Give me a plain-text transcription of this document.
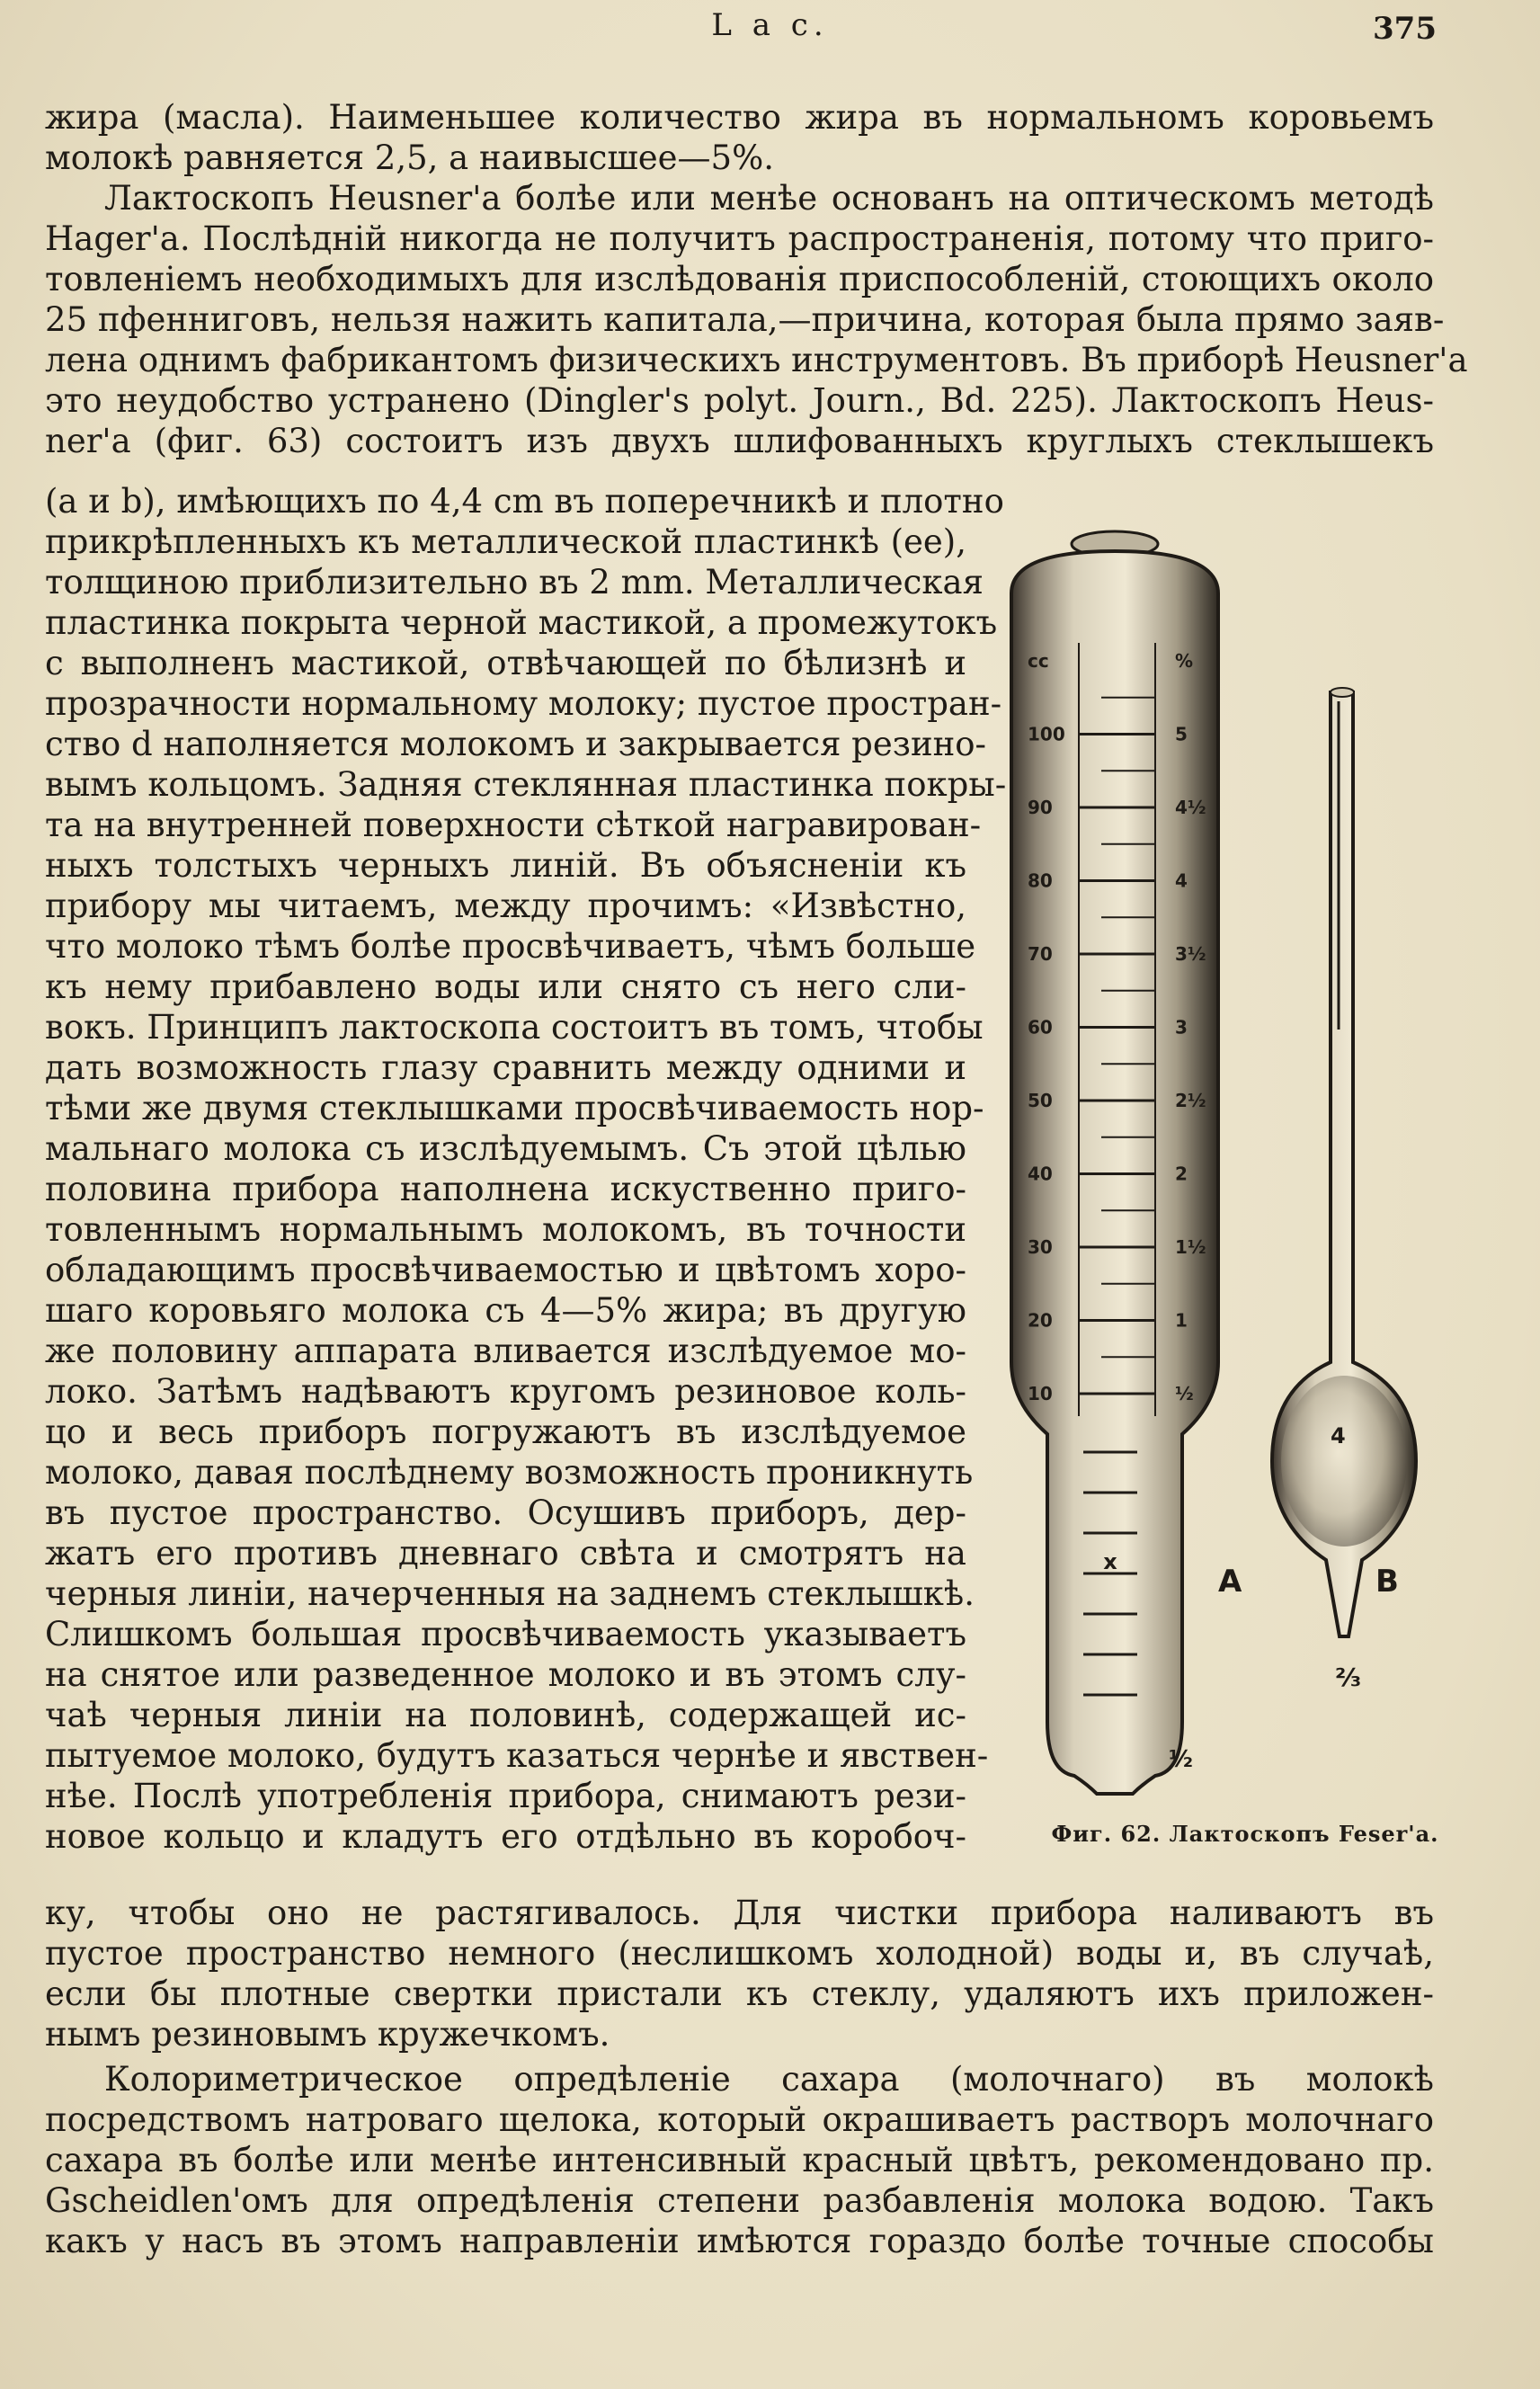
L a c.	375
жира (масла). Наименьшее количество жира въ нормальномъ коровьемъ
молокѣ равняется 2,5, а наивысшее—5%.
Лактоскопъ Heusner'а болѣе или менѣе основанъ на оптическомъ методѣ
Hager'а. Послѣдній никогда не получитъ распространенія, потому что приго-
товленіемъ необходимыхъ для изслѣдованія приспособленій, стоющихъ около
25 пфенниговъ, нельзя нажить капитала,—причина, которая была прямо заяв-
лена однимъ фабрикантомъ физическихъ инструментовъ. Въ приборѣ Heusner'а
это неудобство устранено (Dingler's polyt. Journ., Bd. 225). Лактоскопъ Heus-
ner'а (фиг. 63) состоитъ изъ двухъ шлифованныхъ круглыхъ стеклышекъ
(a и b), имѣющихъ по 4,4 cm въ поперечникѣ и плотно
прикрѣпленныхъ къ металлической пластинкѣ (ee),
толщиною приблизительно въ 2 mm. Металлическая
пластинка покрыта черной мастикой, а промежутокъ
c выполненъ мастикой, отвѣчающей по бѣлизнѣ и
прозрачности нормальному молоку; пустое простран-
ство d наполняется молокомъ и закрывается резино-
вымъ кольцомъ. Задняя стеклянная пластинка покры-
та на внутренней поверхности сѣткой награвирован-
ныхъ толстыхъ черныхъ линій. Въ объясненіи къ
прибору мы читаемъ, между прочимъ: «Извѣстно,
что молоко тѣмъ болѣе просвѣчиваетъ, чѣмъ больше
къ нему прибавлено воды или снято съ него сли-
вокъ. Принципъ лактоскопа состоитъ въ томъ, чтобы
дать возможность глазу сравнить между одними и
тѣми же двумя стеклышками просвѣчиваемость нор-
мальнаго молока съ изслѣдуемымъ. Съ этой цѣлью
половина прибора наполнена искуственно приго-
товленнымъ нормальнымъ молокомъ, въ точности
обладающимъ просвѣчиваемостью и цвѣтомъ хоро-
шаго коровьяго молока съ 4—5% жира; въ другую
же половину аппарата вливается изслѣдуемое мо-
локо. Затѣмъ надѣваютъ кругомъ резиновое коль-
цо и весь приборъ погружаютъ въ изслѣдуемое
молоко, давая послѣднему возможность проникнуть
въ пустое пространство. Осушивъ приборъ, дер-
жатъ его противъ дневнаго свѣта и смотрятъ на
черныя линіи, начерченныя на заднемъ стеклышкѣ.
Слишкомъ большая просвѣчиваемость указываетъ
на снятое или разведенное молоко и въ этомъ слу-
чаѣ черныя линіи на половинѣ, содержащей ис-
пытуемое молоко, будутъ казаться чернѣе и явствен-
нѣе. Послѣ употребленія прибора, снимаютъ рези-
новое кольцо и кладутъ его отдѣльно въ коробоч-
ку, чтобы оно не растягивалось. Для чистки прибора наливаютъ въ
пустое пространство немного (неслишкомъ холодной) воды и, въ случаѣ,
если бы плотные свертки пристали къ стеклу, удаляютъ ихъ приложен-
нымъ резиновымъ кружечкомъ.
Колориметрическое опредѣленіе сахара (молочнаго) въ молокѣ
посредствомъ натроваго щелока, который окрашиваетъ растворъ молочнаго
сахара въ болѣе или менѣе интенсивный красный цвѣтъ, рекомендовано пр.
Gscheidlen'омъ для опредѣленія степени разбавленія молока водою. Такъ
какъ у насъ въ этомъ направленіи имѣются гораздо болѣе точные способы
cc	%
100	5
90	4½
80	4
70	3½
60	3
50	2½
40	2
30	1½
20	1
10	½
x
½
A
4
⅔
B
Фиг. 62. Лактоскопъ Feser'а.
